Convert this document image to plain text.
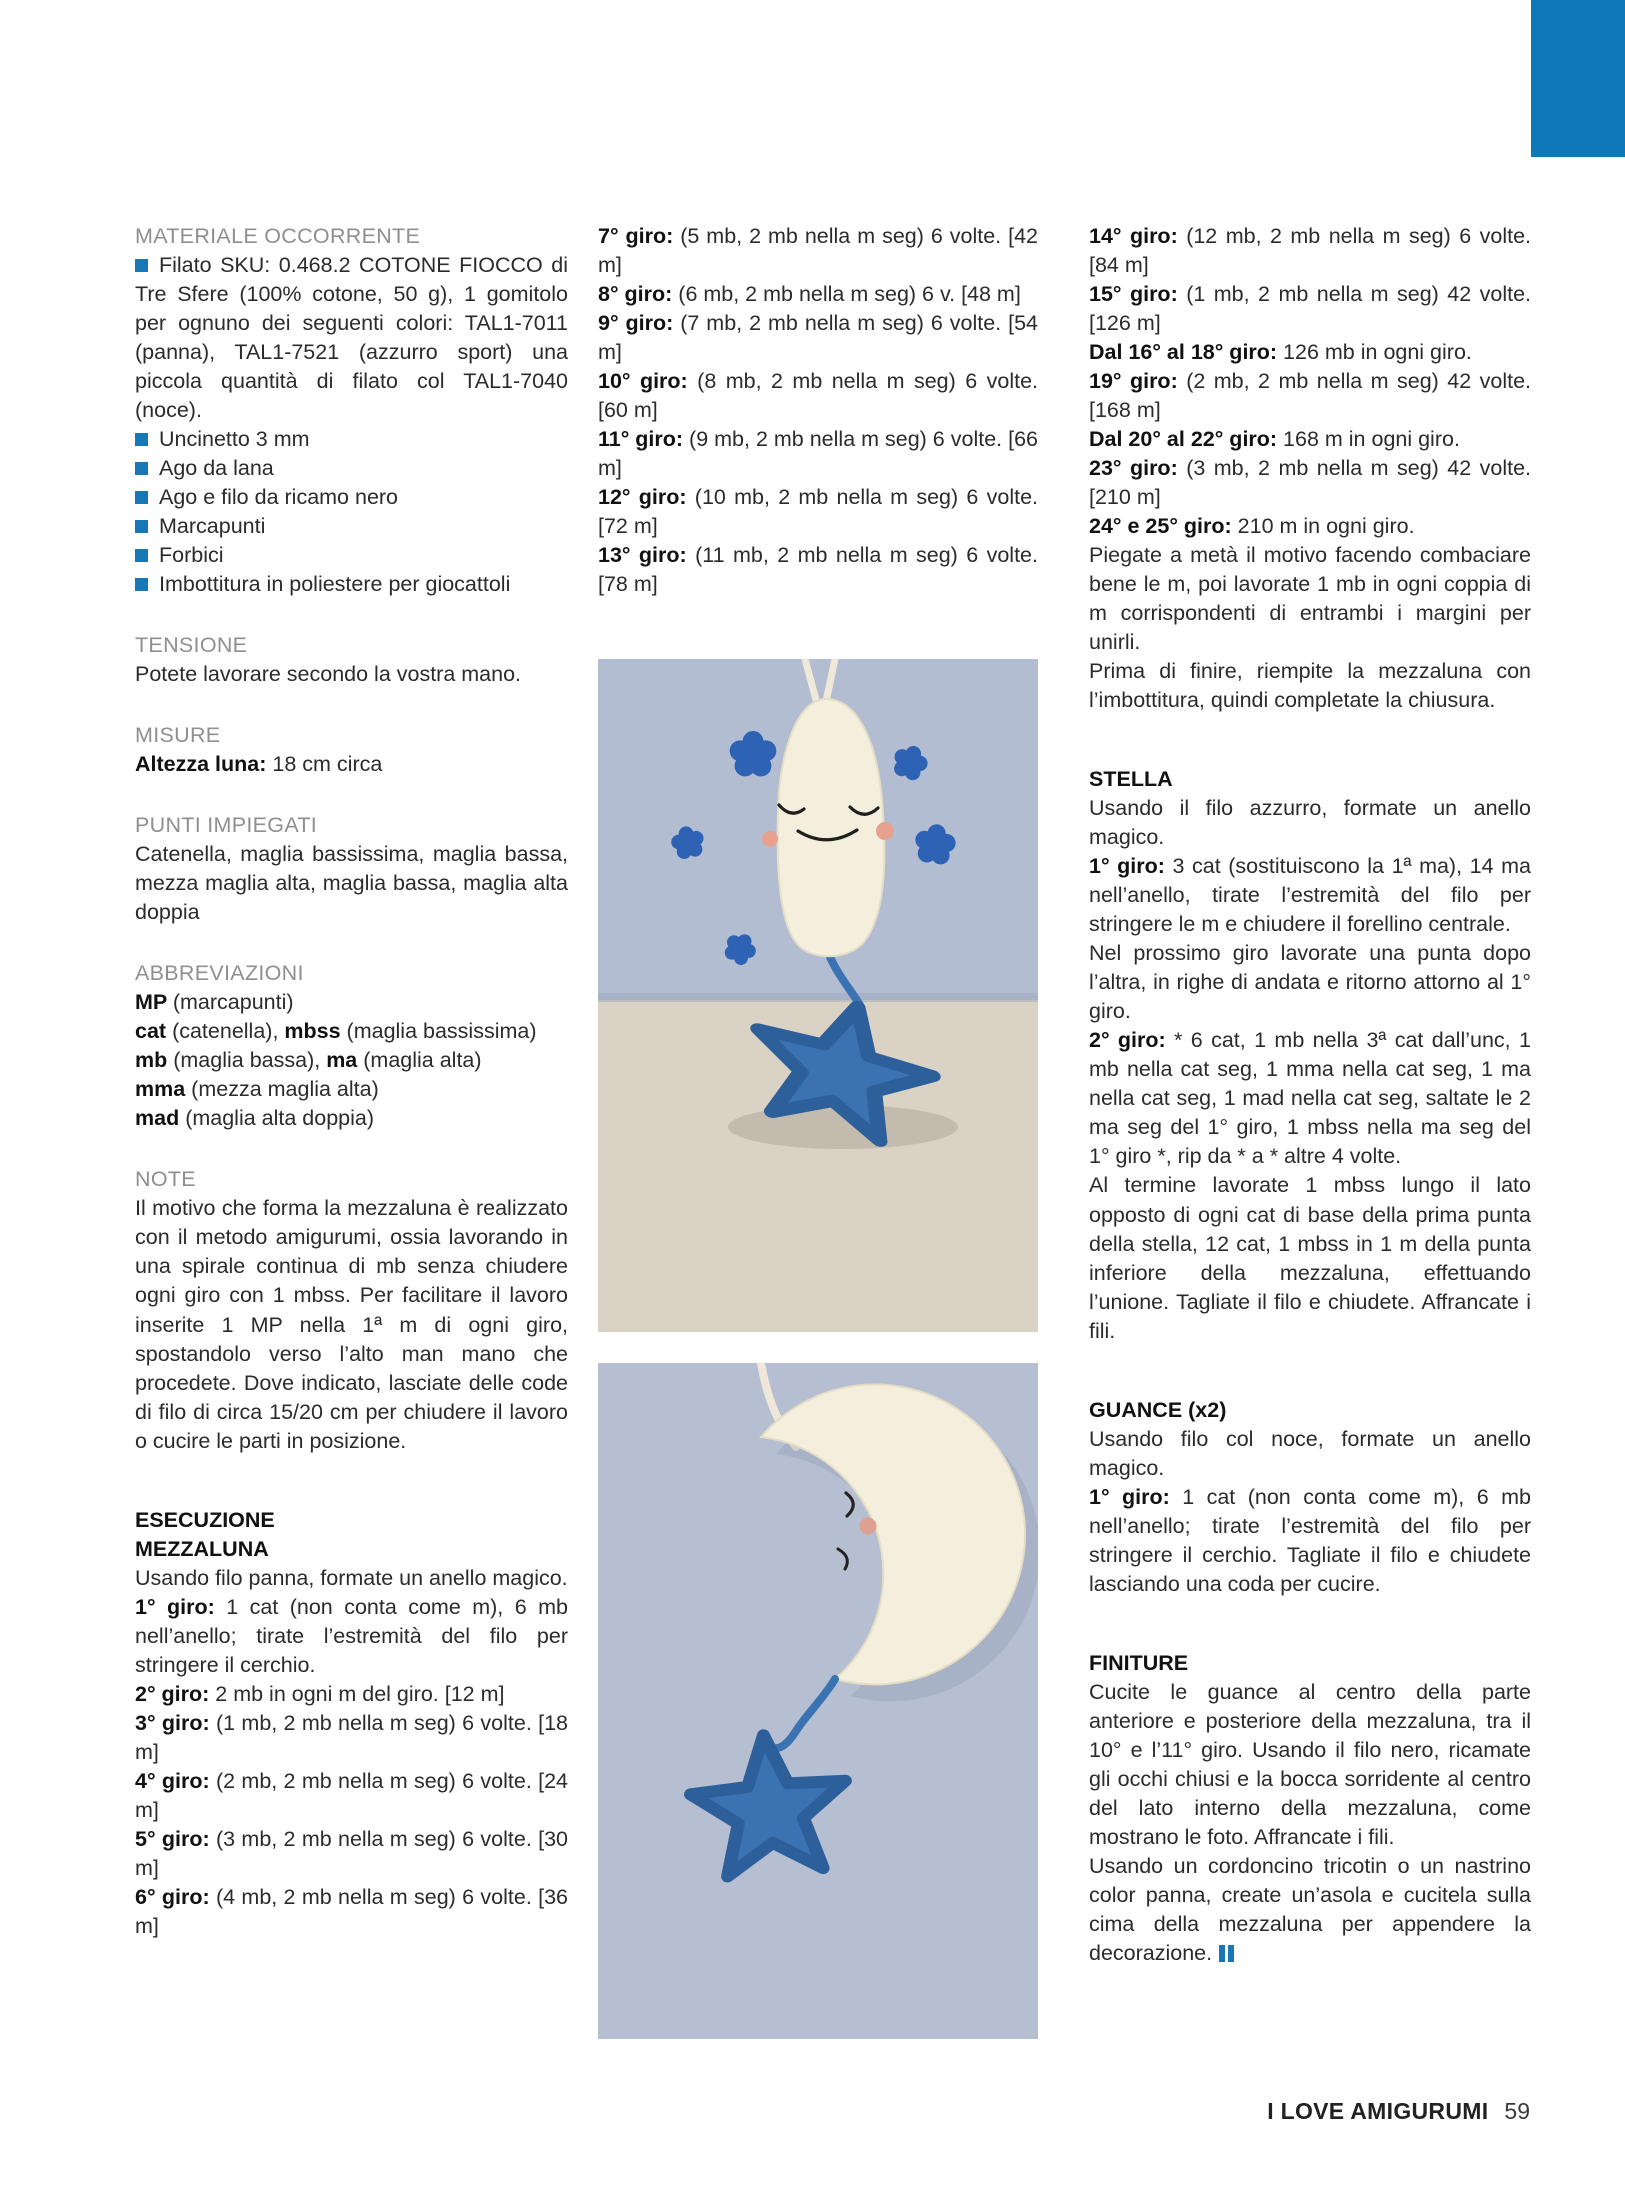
MATERIALE OCCORRENTE

Filato SKU: 0.468.2 COTONE FIOCCO di Tre Sfere (100% cotone, 50 g), 1 gomitolo per ognuno dei seguenti colori: TAL1-7011 (panna), TAL1-7521 (azzurro sport) una piccola quantità di filato col TAL1-7040 (noce).

Uncinetto 3 mm

Ago da lana

Ago e filo da ricamo nero

Marcapunti

Forbici

Imbottitura in poliestere per giocattoli

TENSIONE

Potete lavorare secondo la vostra mano.

MISURE

Altezza luna: 18 cm circa

PUNTI IMPIEGATI

Catenella, maglia bassissima, maglia bassa, mezza maglia alta, maglia bassa, maglia alta doppia

ABBREVIAZIONI

MP (marcapunti)

cat (catenella), mbss (maglia bassissima)

mb (maglia bassa), ma (maglia alta)

mma (mezza maglia alta)

mad (maglia alta doppia)

NOTE

Il motivo che forma la mezzaluna è realizzato con il metodo amigurumi, ossia lavorando in una spirale continua di mb senza chiudere ogni giro con 1 mbss. Per facilitare il lavoro inserite 1 MP nella 1ª m di ogni giro, spostandolo verso l’alto man mano che procedete. Dove indicato, lasciate delle code di filo di circa 15/20 cm per chiudere il lavoro o cucire le parti in posizione.

ESECUZIONE

MEZZALUNA

Usando filo panna, formate un anello magico.

1° giro: 1 cat (non conta come m), 6 mb nell’anello; tirate l’estremità del filo per stringere il cerchio.

2° giro: 2 mb in ogni m del giro. [12 m]

3° giro: (1 mb, 2 mb nella m seg) 6 volte. [18 m]

4° giro: (2 mb, 2 mb nella m seg) 6 volte. [24 m]

5° giro: (3 mb, 2 mb nella m seg) 6 volte. [30 m]

6° giro: (4 mb, 2 mb nella m seg) 6 volte. [36 m]

7° giro: (5 mb, 2 mb nella m seg) 6 volte. [42 m]

8° giro: (6 mb, 2 mb nella m seg) 6 v. [48 m]

9° giro: (7 mb, 2 mb nella m seg) 6 volte. [54 m]

10° giro: (8 mb, 2 mb nella m seg) 6 volte. [60 m]

11° giro: (9 mb, 2 mb nella m seg) 6 volte. [66 m]

12° giro: (10 mb, 2 mb nella m seg) 6 volte. [72 m]

13° giro: (11 mb, 2 mb nella m seg) 6 volte. [78 m]

14° giro: (12 mb, 2 mb nella m seg) 6 volte. [84 m]

15° giro: (1 mb, 2 mb nella m seg) 42 volte. [126 m]

Dal 16° al 18° giro: 126 mb in ogni giro.

19° giro: (2 mb, 2 mb nella m seg) 42 volte. [168 m]

Dal 20° al 22° giro: 168 m in ogni giro.

23° giro: (3 mb, 2 mb nella m seg) 42 volte. [210 m]

24° e 25° giro: 210 m in ogni giro.

Piegate a metà il motivo facendo combaciare bene le m, poi lavorate 1 mb in ogni coppia di m corrispondenti di entrambi i margini per unirli.

Prima di finire, riempite la mezzaluna con l’imbottitura, quindi completate la chiusura.

STELLA

Usando il filo azzurro, formate un anello magico.

1° giro: 3 cat (sostituiscono la 1ª ma), 14 ma nell’anello, tirate l’estremità del filo per stringere le m e chiudere il forellino centrale.

Nel prossimo giro lavorate una punta dopo l’altra, in righe di andata e ritorno attorno al 1° giro.

2° giro: * 6 cat, 1 mb nella 3ª cat dall’unc, 1 mb nella cat seg, 1 mma nella cat seg, 1 ma nella cat seg, 1 mad nella cat seg, saltate le 2 ma seg del 1° giro, 1 mbss nella ma seg del 1° giro *, rip da * a * altre 4 volte.

Al termine lavorate 1 mbss lungo il lato opposto di ogni cat di base della prima punta della stella, 12 cat, 1 mbss in 1 m della punta inferiore della mezzaluna, effettuando l’unione. Tagliate il filo e chiudete. Affrancate i fili.

GUANCE (x2)

Usando filo col noce, formate un anello magico.

1° giro: 1 cat (non conta come m), 6 mb nell’anello; tirate l’estremità del filo per stringere il cerchio. Tagliate il filo e chiudete lasciando una coda per cucire.

FINITURE

Cucite le guance al centro della parte anteriore e posteriore della mezzaluna, tra il 10° e l’11° giro. Usando il filo nero, ricamate gli occhi chiusi e la bocca sorridente al centro del lato interno della mezzaluna, come mostrano le foto. Affrancate i fili.

Usando un cordoncino tricotin o un nastrino color panna, create un’asola e cucitela sulla cima della mezzaluna per appendere la decorazione.

I LOVE AMIGURUMI 59
